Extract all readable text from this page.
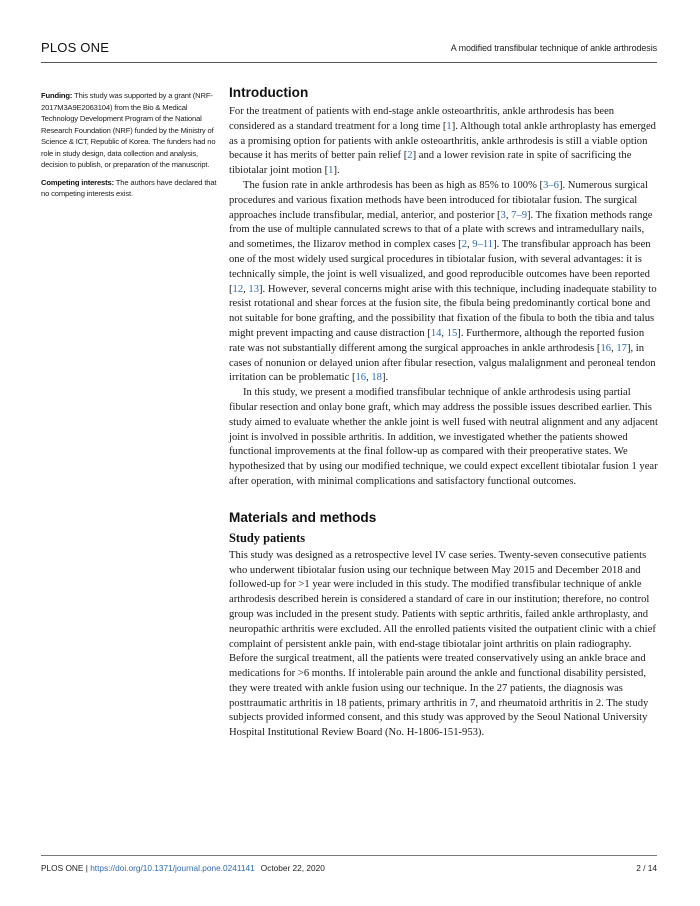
PLOS ONE	A modified transfibular technique of ankle arthrodesis

Funding: This study was supported by a grant (NRF-2017M3A9E2063104) from the Bio & Medical Technology Development Program of the National Research Foundation (NRF) funded by the Ministry of Science & ICT, Republic of Korea. The funders had no role in study design, data collection and analysis, decision to publish, or preparation of the manuscript.

Competing interests: The authors have declared that no competing interests exist.

Introduction

For the treatment of patients with end-stage ankle osteoarthritis, ankle arthrodesis has been considered as a standard treatment for a long time [1]. Although total ankle arthroplasty has emerged as a promising option for patients with ankle osteoarthritis, ankle arthrodesis is still a viable option because it has merits of better pain relief [2] and a lower revision rate in spite of sacrificing the tibiotalar joint motion [1].

The fusion rate in ankle arthrodesis has been as high as 85% to 100% [3–6]. Numerous surgical procedures and various fixation methods have been introduced for tibiotalar fusion. The surgical approaches include transfibular, medial, anterior, and posterior [3, 7–9]. The fixation methods range from the use of multiple cannulated screws to that of a plate with screws and intramedullary nails, and sometimes, the Ilizarov method in complex cases [2, 9–11]. The transfibular approach has been one of the most widely used surgical procedures in tibiotalar fusion, with several advantages: it is technically simple, the joint is well visualized, and good reproducible outcomes have been reported [12, 13]. However, several concerns might arise with this technique, including inadequate stability to resist rotational and shear forces at the fusion site, the fibula being predominantly cortical bone and not suitable for bone grafting, and the possibility that fixation of the fibula to both the tibia and talus might prevent impacting and cause distraction [14, 15]. Furthermore, although the reported fusion rate was not substantially different among the surgical approaches in ankle arthrodesis [16, 17], in cases of nonunion or delayed union after fibular resection, valgus malalignment and peroneal tendon irritation can be problematic [16, 18].

In this study, we present a modified transfibular technique of ankle arthrodesis using partial fibular resection and onlay bone graft, which may address the possible issues described earlier. This study aimed to evaluate whether the ankle joint is well fused with neutral alignment and any adjacent joint is involved in possible arthritis. In addition, we investigated whether the patients showed functional improvements at the final follow-up as compared with their preoperative states. We hypothesized that by using our modified technique, we could expect excellent tibiotalar fusion 1 year after operation, with minimal complications and satisfactory functional outcomes.

Materials and methods
Study patients

This study was designed as a retrospective level IV case series. Twenty-seven consecutive patients who underwent tibiotalar fusion using our technique between May 2015 and December 2018 and followed-up for >1 year were included in this study. The modified transfibular technique of ankle arthrodesis described herein is considered a standard of care in our institution; therefore, no control group was included in the present study. Patients with septic arthritis, failed ankle arthroplasty, and neuropathic arthritis were excluded. All the enrolled patients visited the outpatient clinic with a chief complaint of persistent ankle pain, with end-stage tibiotalar joint arthritis on plain radiography. Before the surgical treatment, all the patients were treated conservatively using an ankle brace and medications for >6 months. If intolerable pain around the ankle and functional disability persisted, they were treated with ankle fusion using our technique. In the 27 patients, the diagnosis was posttraumatic arthritis in 18 patients, primary arthritis in 7, and rheumatoid arthritis in 2. The study subjects provided informed consent, and this study was approved by the Seoul National University Hospital Institutional Review Board (No. H-1806-151-953).

PLOS ONE | https://doi.org/10.1371/journal.pone.0241141 October 22, 2020	2 / 14
